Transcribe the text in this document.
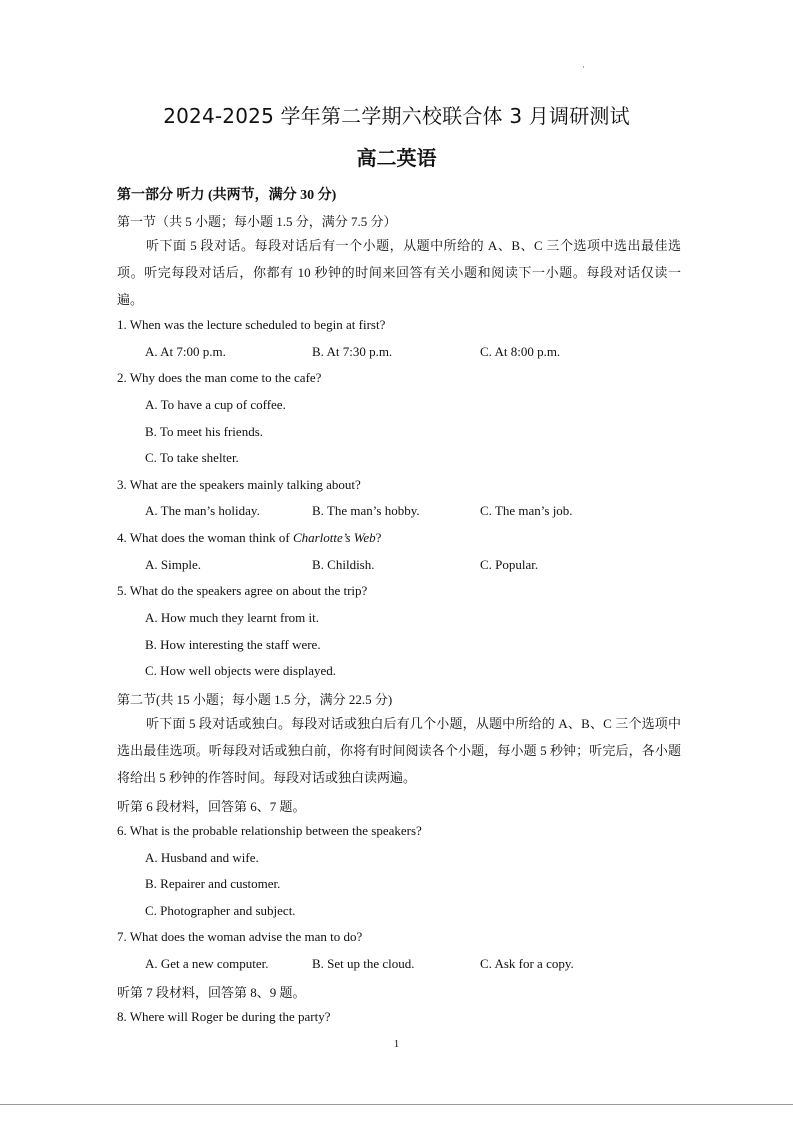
·
2024-2025 学年第二学期六校联合体 3 月调研测试
高二英语
第一部分 听力 (共两节，满分 30 分)
第一节（共 5 小题；每小题 1.5 分，满分 7.5 分）
听下面 5 段对话。每段对话后有一个小题，从题中所给的 A、B、C 三个选项中选出最佳选项。听完每段对话后，你都有 10 秒钟的时间来回答有关小题和阅读下一小题。每段对话仅读一遍。
1. When was the lecture scheduled to begin at first?
A. At 7:00 p.m.	B. At 7:30 p.m.	C. At 8:00 p.m.
2. Why does the man come to the cafe?
A. To have a cup of coffee.
B. To meet his friends.
C. To take shelter.
3. What are the speakers mainly talking about?
A. The man’s holiday.	B. The man’s hobby.	C. The man’s job.
4. What does the woman think of Charlotte’s Web?
A. Simple.	B. Childish.	C. Popular.
5. What do the speakers agree on about the trip?
A. How much they learnt from it.
B. How interesting the staff were.
C. How well objects were displayed.
第二节(共 15 小题；每小题 1.5 分，满分 22.5 分)
听下面 5 段对话或独白。每段对话或独白后有几个小题，从题中所给的 A、B、C 三个选项中选出最佳选项。听每段对话或独白前，你将有时间阅读各个小题，每小题 5 秒钟；听完后，各小题将给出 5 秒钟的作答时间。每段对话或独白读两遍。
听第 6 段材料，回答第 6、7 题。
6. What is the probable relationship between the speakers?
A. Husband and wife.
B. Repairer and customer.
C. Photographer and subject.
7. What does the woman advise the man to do?
A. Get a new computer.	B. Set up the cloud.	C. Ask for a copy.
听第 7 段材料，回答第 8、9 题。
8. Where will Roger be during the party?
1
